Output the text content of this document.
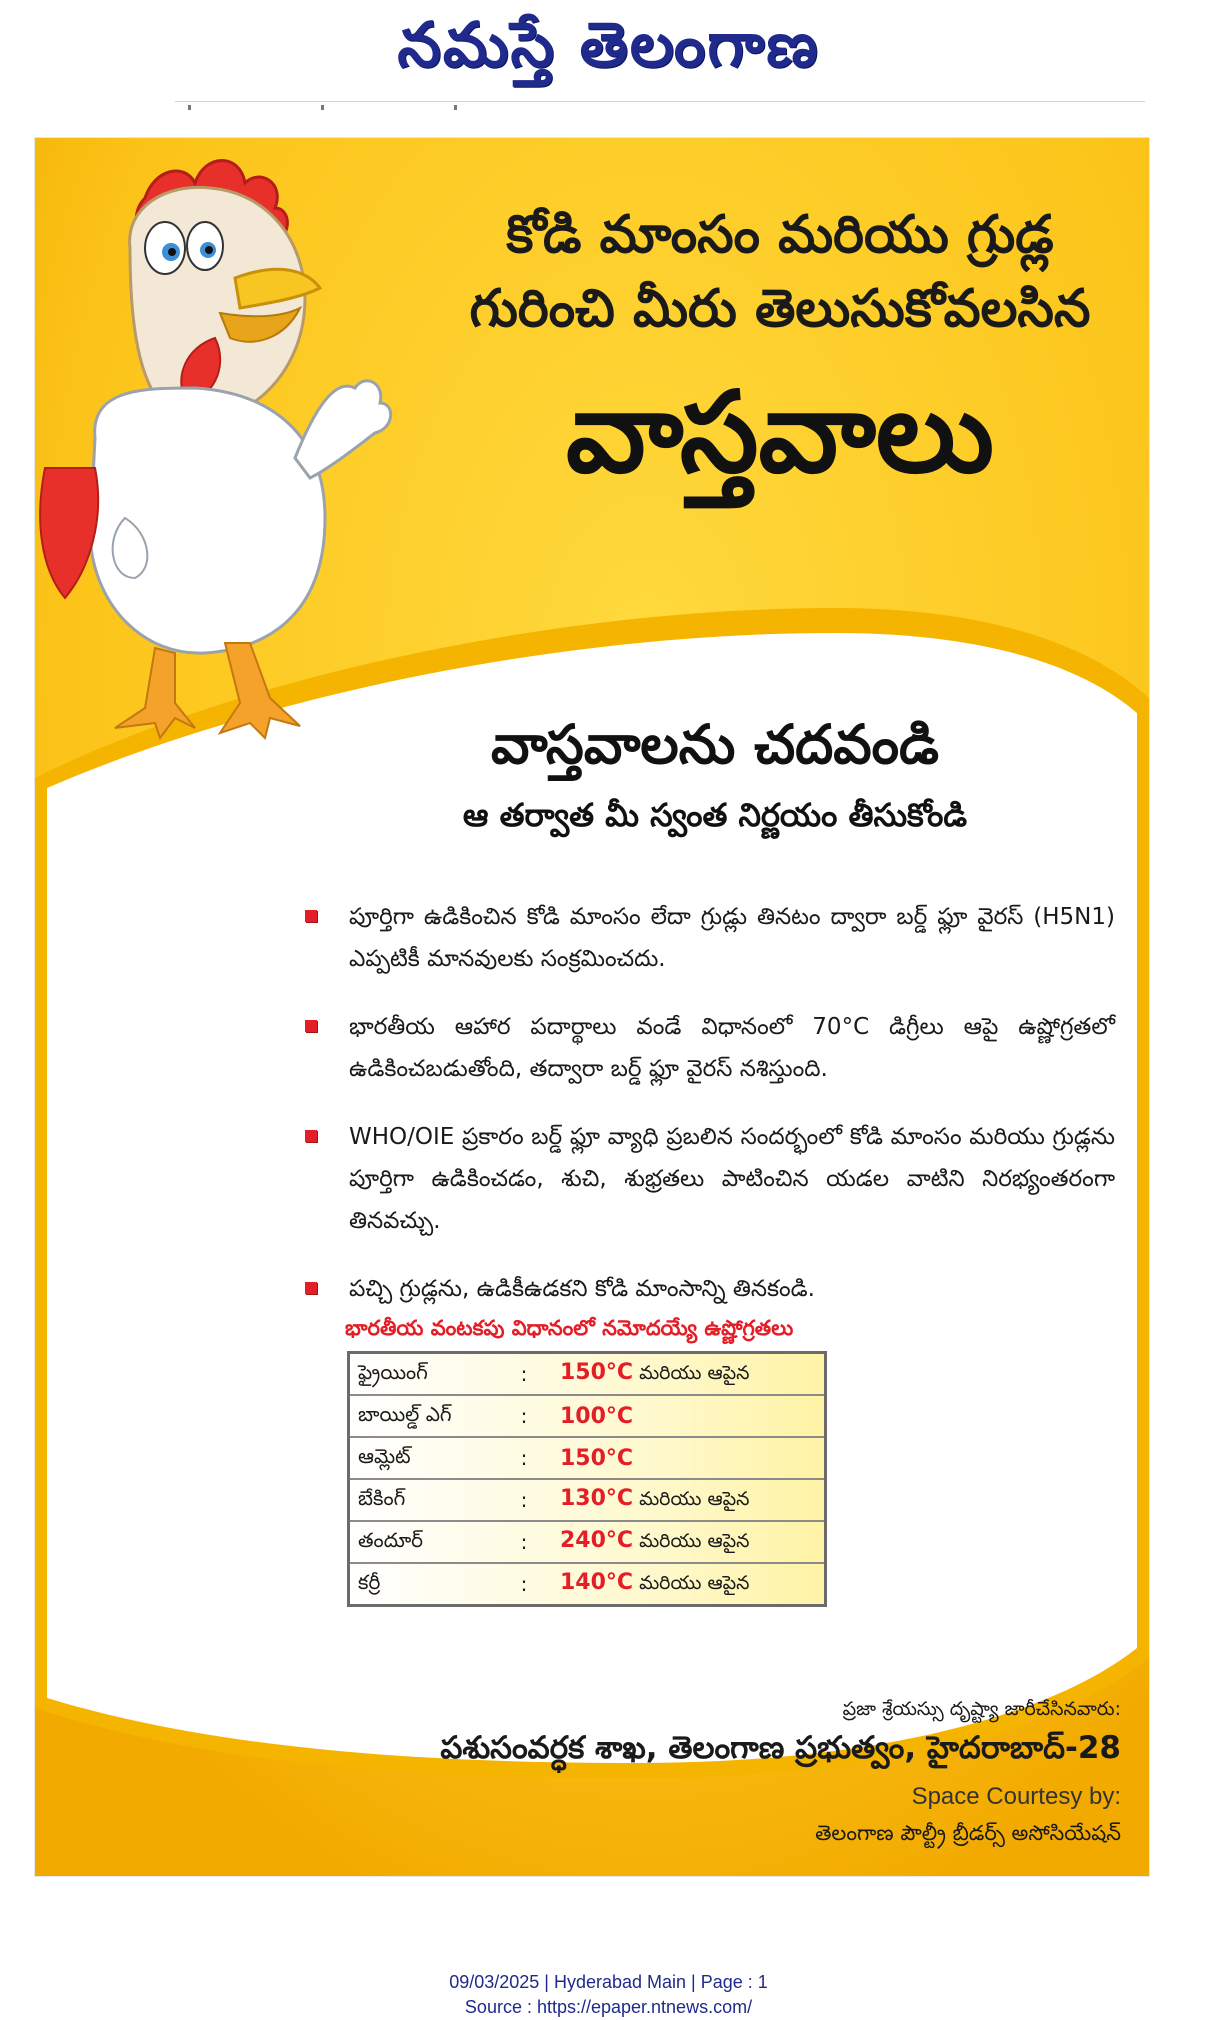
నమస్తే తెలంగాణ
కోడి మాంసం మరియు గ్రుడ్ల
గురించి మీరు తెలుసుకోవలసిన
వాస్తవాలు
వాస్తవాలను చదవండి
ఆ తర్వాత మీ స్వంత నిర్ణయం తీసుకోండి
పూర్తిగా ఉడికించిన కోడి మాంసం లేదా గ్రుడ్లు తినటం ద్వారా బర్డ్ ఫ్లూ వైరస్ (H5N1) ఎప్పటికీ మానవులకు సంక్రమించదు.
భారతీయ ఆహార పదార్థాలు వండే విధానంలో 70°C డిగ్రీలు ఆపై ఉష్ణోగ్రతలో ఉడికించబడుతోంది, తద్వారా బర్డ్ ఫ్లూ వైరస్ నశిస్తుంది.
WHO/OIE ప్రకారం బర్డ్ ఫ్లూ వ్యాధి ప్రబలిన సందర్భంలో కోడి మాంసం మరియు గ్రుడ్లను పూర్తిగా ఉడికించడం, శుచి, శుభ్రతలు పాటించిన యడల వాటిని నిరభ్యంతరంగా తినవచ్చు.
పచ్చి గ్రుడ్లను, ఉడికీఉడకని కోడి మాంసాన్ని తినకండి.
భారతీయ వంటకపు విధానంలో నమోదయ్యే ఉష్ణోగ్రతలు
ఫ్రైయింగ్	:	150°C మరియు ఆపైన
బాయిల్డ్ ఎగ్	:	100°C
ఆమ్లెట్	:	150°C
బేకింగ్	:	130°C మరియు ఆపైన
తందూర్	:	240°C మరియు ఆపైన
కర్రీ	:	140°C మరియు ఆపైన
ప్రజా శ్రేయస్సు దృష్ట్యా జారీచేసినవారు:
పశుసంవర్ధక శాఖ, తెలంగాణ ప్రభుత్వం, హైదరాబాద్-28
Space Courtesy by:
తెలంగాణ పౌల్ట్రీ బ్రీడర్స్ అసోసియేషన్
09/03/2025 | Hyderabad Main | Page : 1
Source : https://epaper.ntnews.com/
